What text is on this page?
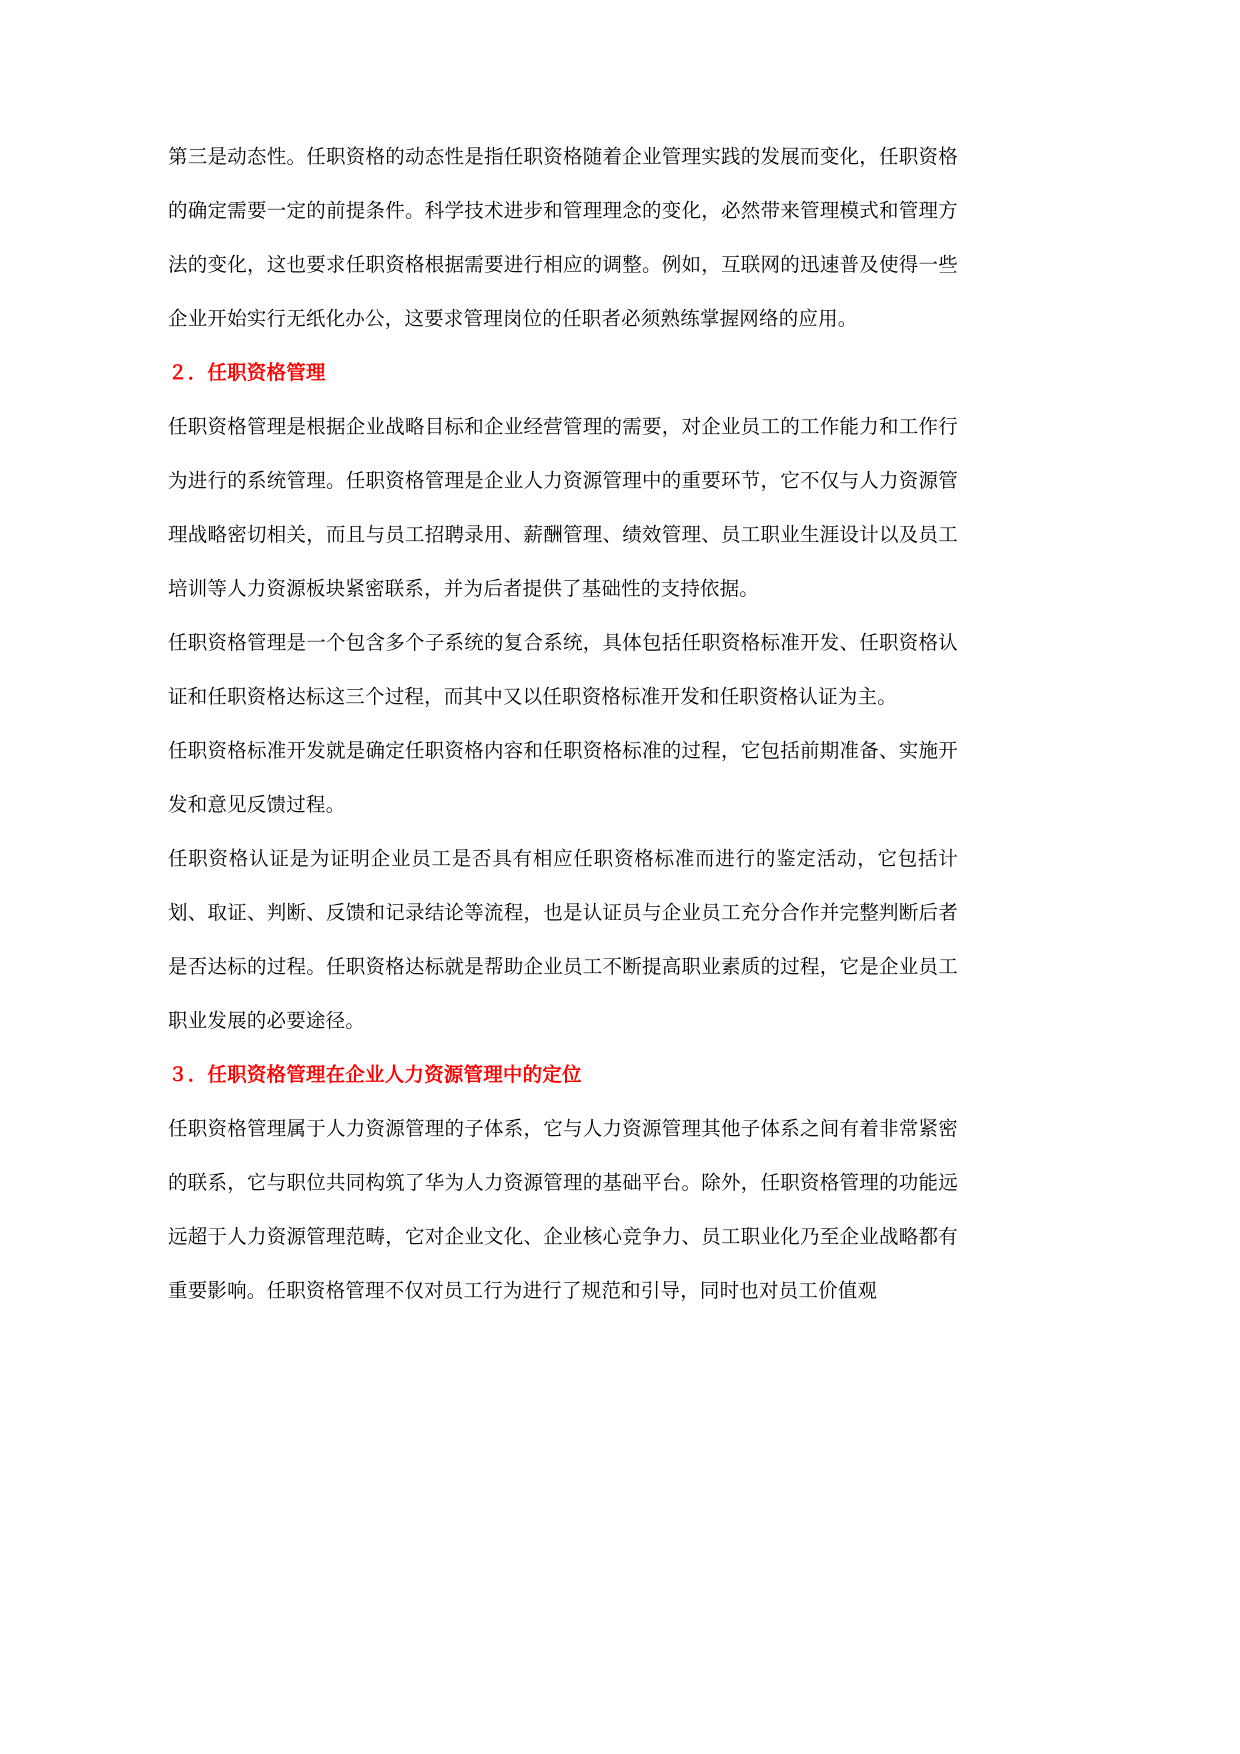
第三是动态性。任职资格的动态性是指任职资格随着企业管理实践的发展而变化，任职资格的确定需要一定的前提条件。科学技术进步和管理理念的变化，必然带来管理模式和管理方法的变化，这也要求任职资格根据需要进行相应的调整。例如，互联网的迅速普及使得一些企业开始实行无纸化办公，这要求管理岗位的任职者必须熟练掌握网络的应用。

２．任职资格管理

任职资格管理是根据企业战略目标和企业经营管理的需要，对企业员工的工作能力和工作行为进行的系统管理。任职资格管理是企业人力资源管理中的重要环节，它不仅与人力资源管理战略密切相关，而且与员工招聘录用、薪酬管理、绩效管理、员工职业生涯设计以及员工培训等人力资源板块紧密联系，并为后者提供了基础性的支持依据。

任职资格管理是一个包含多个子系统的复合系统，具体包括任职资格标准开发、任职资格认证和任职资格达标这三个过程，而其中又以任职资格标准开发和任职资格认证为主。

任职资格标准开发就是确定任职资格内容和任职资格标准的过程，它包括前期准备、实施开发和意见反馈过程。

任职资格认证是为证明企业员工是否具有相应任职资格标准而进行的鉴定活动，它包括计划、取证、判断、反馈和记录结论等流程，也是认证员与企业员工充分合作并完整判断后者是否达标的过程。任职资格达标就是帮助企业员工不断提高职业素质的过程，它是企业员工职业发展的必要途径。

３．任职资格管理在企业人力资源管理中的定位

任职资格管理属于人力资源管理的子体系，它与人力资源管理其他子体系之间有着非常紧密的联系，它与职位共同构筑了华为人力资源管理的基础平台。除外，任职资格管理的功能远远超于人力资源管理范畴，它对企业文化、企业核心竞争力、员工职业化乃至企业战略都有重要影响。任职资格管理不仅对员工行为进行了规范和引导，同时也对员工价值观
